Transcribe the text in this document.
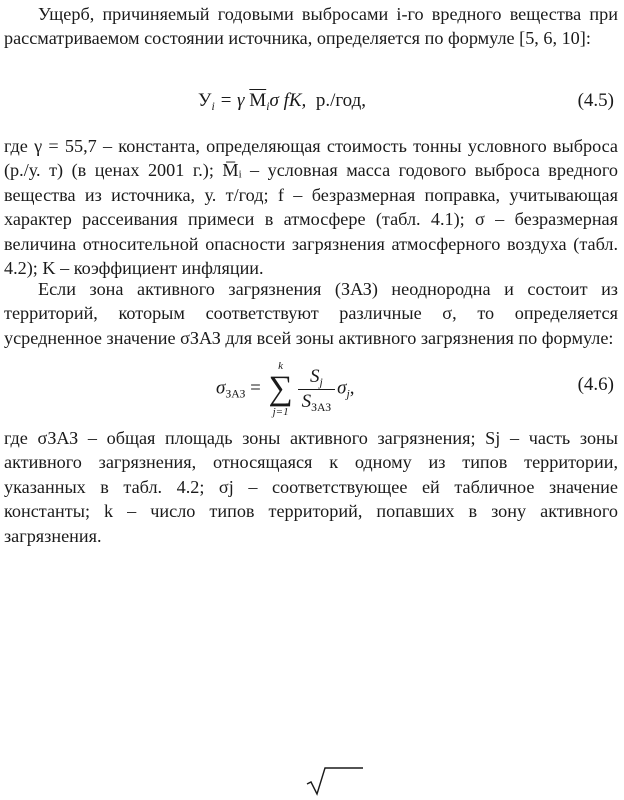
Ущерб, причиняемый годовыми выбросами i-го вредного вещества при рассматриваемом состоянии источника, определяется по формуле [5, 6, 10]:

$У_i = \gamma$ $\overline{M}_i\sigma$ fK, р./год,	(4.5)

где γ = 55,7 – константа, определяющая стоимость тонны условного выброса (р./у. т) (в ценах 2001 г.); M̅ᵢ – условная масса годового выброса вредного вещества из источника, у. т/год; f – безразмерная поправка, учитывающая характер рассеивания примеси в атмосфере (табл. 4.1); σ – безразмерная величина относительной опасности загрязнения атмосферного воздуха (табл. 4.2); K – коэффициент инфляции.

Если зона активного загрязнения (ЗАЗ) неоднородна и состоит из территорий, которым соответствуют различные σ, то определяется усредненное значение σЗАЗ для всей зоны активного загрязнения по формуле:

$\sigma_{ЗАЗ}$ =
k
∑
$j=1 \frac{S_j}{S_{ЗАЗ}} \sigma_j$,	(4.6)

где σЗАЗ – общая площадь зоны активного загрязнения; Sj – часть зоны активного загрязнения, относящаяся к одному из типов территории, указанных в табл. 4.2; σj – соответствующее ей табличное значение константы; k – число типов территорий, попавших в зону активного загрязнения.
